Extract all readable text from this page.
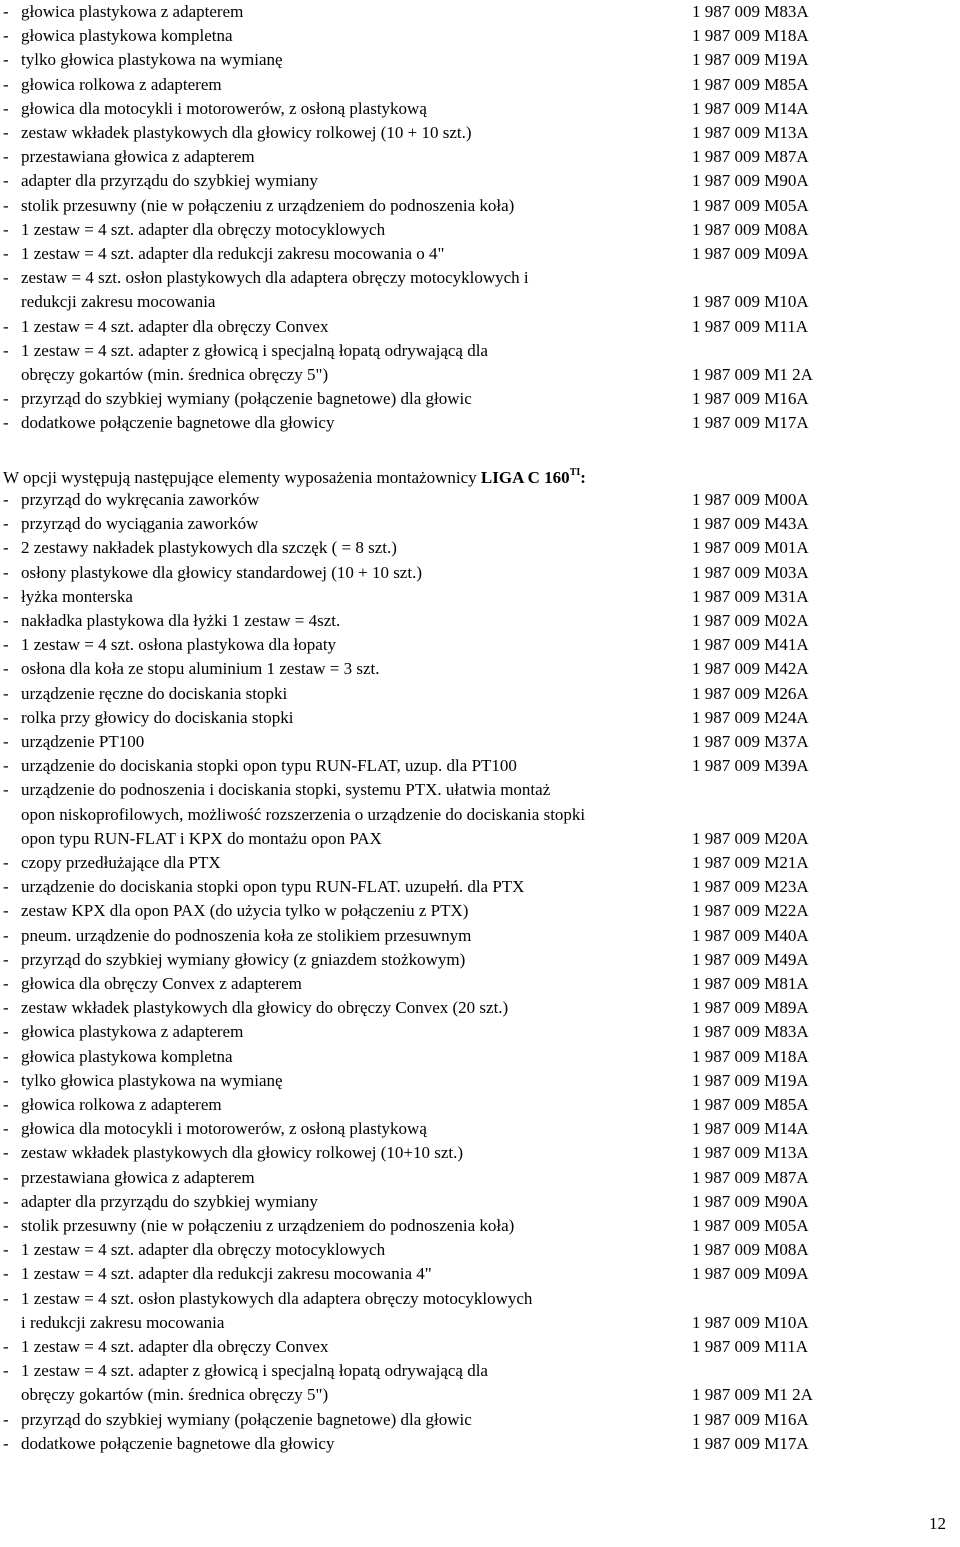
- głowica plastykowa z adapterem	1 987 009 M83A
- głowica plastykowa kompletna	1 987 009 M18A
- tylko głowica plastykowa na wymianę	1 987 009 M19A
- głowica rolkowa z adapterem	1 987 009 M85A
- głowica dla motocykli i motorowerów, z osłoną plastykową	1 987 009 M14A
- zestaw wkładek plastykowych dla głowicy rolkowej (10 + 10 szt.)	1 987 009 M13A
- przestawiana głowica z adapterem	1 987 009 M87A
- adapter dla przyrządu do szybkiej wymiany	1 987 009 M90A
- stolik przesuwny (nie w połączeniu z urządzeniem do podnoszenia koła)	1 987 009 M05A
- 1 zestaw = 4 szt. adapter dla obręczy motocyklowych	1 987 009 M08A
- 1 zestaw = 4 szt. adapter dla redukcji zakresu mocowania o 4"	1 987 009 M09A
- zestaw = 4 szt. osłon plastykowych dla adaptera obręczy motocyklowych i
redukcji zakresu mocowania	1 987 009 M10A
- 1 zestaw = 4 szt. adapter dla obręczy Convex	1 987 009 M11A
- 1 zestaw = 4 szt. adapter z głowicą i specjalną łopatą odrywającą dla
obręczy gokartów (min. średnica obręczy 5")	1 987 009 M1 2A
- przyrząd do szybkiej wymiany (połączenie bagnetowe) dla głowic	1 987 009 M16A
- dodatkowe połączenie bagnetowe dla głowicy	1 987 009 M17A
W opcji występują następujące elementy wyposażenia montażownicy LIGA C $160^{TI}$:
- przyrząd do wykręcania zaworków	1 987 009 M00A
- przyrząd do wyciągania zaworków	1 987 009 M43A
- 2 zestawy nakładek plastykowych dla szczęk ( = 8 szt.)	1 987 009 M01A
- osłony plastykowe dla głowicy standardowej (10 + 10 szt.)	1 987 009 M03A
- łyżka monterska	1 987 009 M31A
- nakładka plastykowa dla łyżki 1 zestaw = 4szt.	1 987 009 M02A
- 1 zestaw = 4 szt. osłona plastykowa dla łopaty	1 987 009 M41A
- osłona dla koła ze stopu aluminium 1 zestaw = 3 szt.	1 987 009 M42A
- urządzenie ręczne do dociskania stopki	1 987 009 M26A
- rolka przy głowicy do dociskania stopki	1 987 009 M24A
- urządzenie PT100	1 987 009 M37A
- urządzenie do dociskania stopki opon typu RUN-FLAT, uzup. dla PT100	1 987 009 M39A
- urządzenie do podnoszenia i dociskania stopki, systemu PTX. ułatwia montaż
opon niskoprofilowych, możliwość rozszerzenia o urządzenie do dociskania stopki
opon typu RUN-FLAT i KPX do montażu opon PAX	1 987 009 M20A
- czopy przedłużające dla PTX	1 987 009 M21A
- urządzenie do dociskania stopki opon typu RUN-FLAT. uzupełń. dla PTX	1 987 009 M23A
- zestaw KPX dla opon PAX (do użycia tylko w połączeniu z PTX)	1 987 009 M22A
- pneum. urządzenie do podnoszenia koła ze stolikiem przesuwnym	1 987 009 M40A
- przyrząd do szybkiej wymiany głowicy (z gniazdem stożkowym)	1 987 009 M49A
- głowica dla obręczy Convex z adapterem	1 987 009 M81A
- zestaw wkładek plastykowych dla głowicy do obręczy Convex (20 szt.)	1 987 009 M89A
- głowica plastykowa z adapterem	1 987 009 M83A
- głowica plastykowa kompletna	1 987 009 M18A
- tylko głowica plastykowa na wymianę	1 987 009 M19A
- głowica rolkowa z adapterem	1 987 009 M85A
- głowica dla motocykli i motorowerów, z osłoną plastykową	1 987 009 M14A
- zestaw wkładek plastykowych dla głowicy rolkowej (10+10 szt.)	1 987 009 M13A
- przestawiana głowica z adapterem	1 987 009 M87A
- adapter dla przyrządu do szybkiej wymiany	1 987 009 M90A
- stolik przesuwny (nie w połączeniu z urządzeniem do podnoszenia koła)	1 987 009 M05A
- 1 zestaw = 4 szt. adapter dla obręczy motocyklowych	1 987 009 M08A
- 1 zestaw = 4 szt. adapter dla redukcji zakresu mocowania 4"	1 987 009 M09A
- 1 zestaw = 4 szt. osłon plastykowych dla adaptera obręczy motocyklowych
i redukcji zakresu mocowania	1 987 009 M10A
- 1 zestaw = 4 szt. adapter dla obręczy Convex	1 987 009 M11A
- 1 zestaw = 4 szt. adapter z głowicą i specjalną łopatą odrywającą dla
obręczy gokartów (min. średnica obręczy 5")	1 987 009 M1 2A
- przyrząd do szybkiej wymiany (połączenie bagnetowe) dla głowic	1 987 009 M16A
- dodatkowe połączenie bagnetowe dla głowicy	1 987 009 M17A
12
